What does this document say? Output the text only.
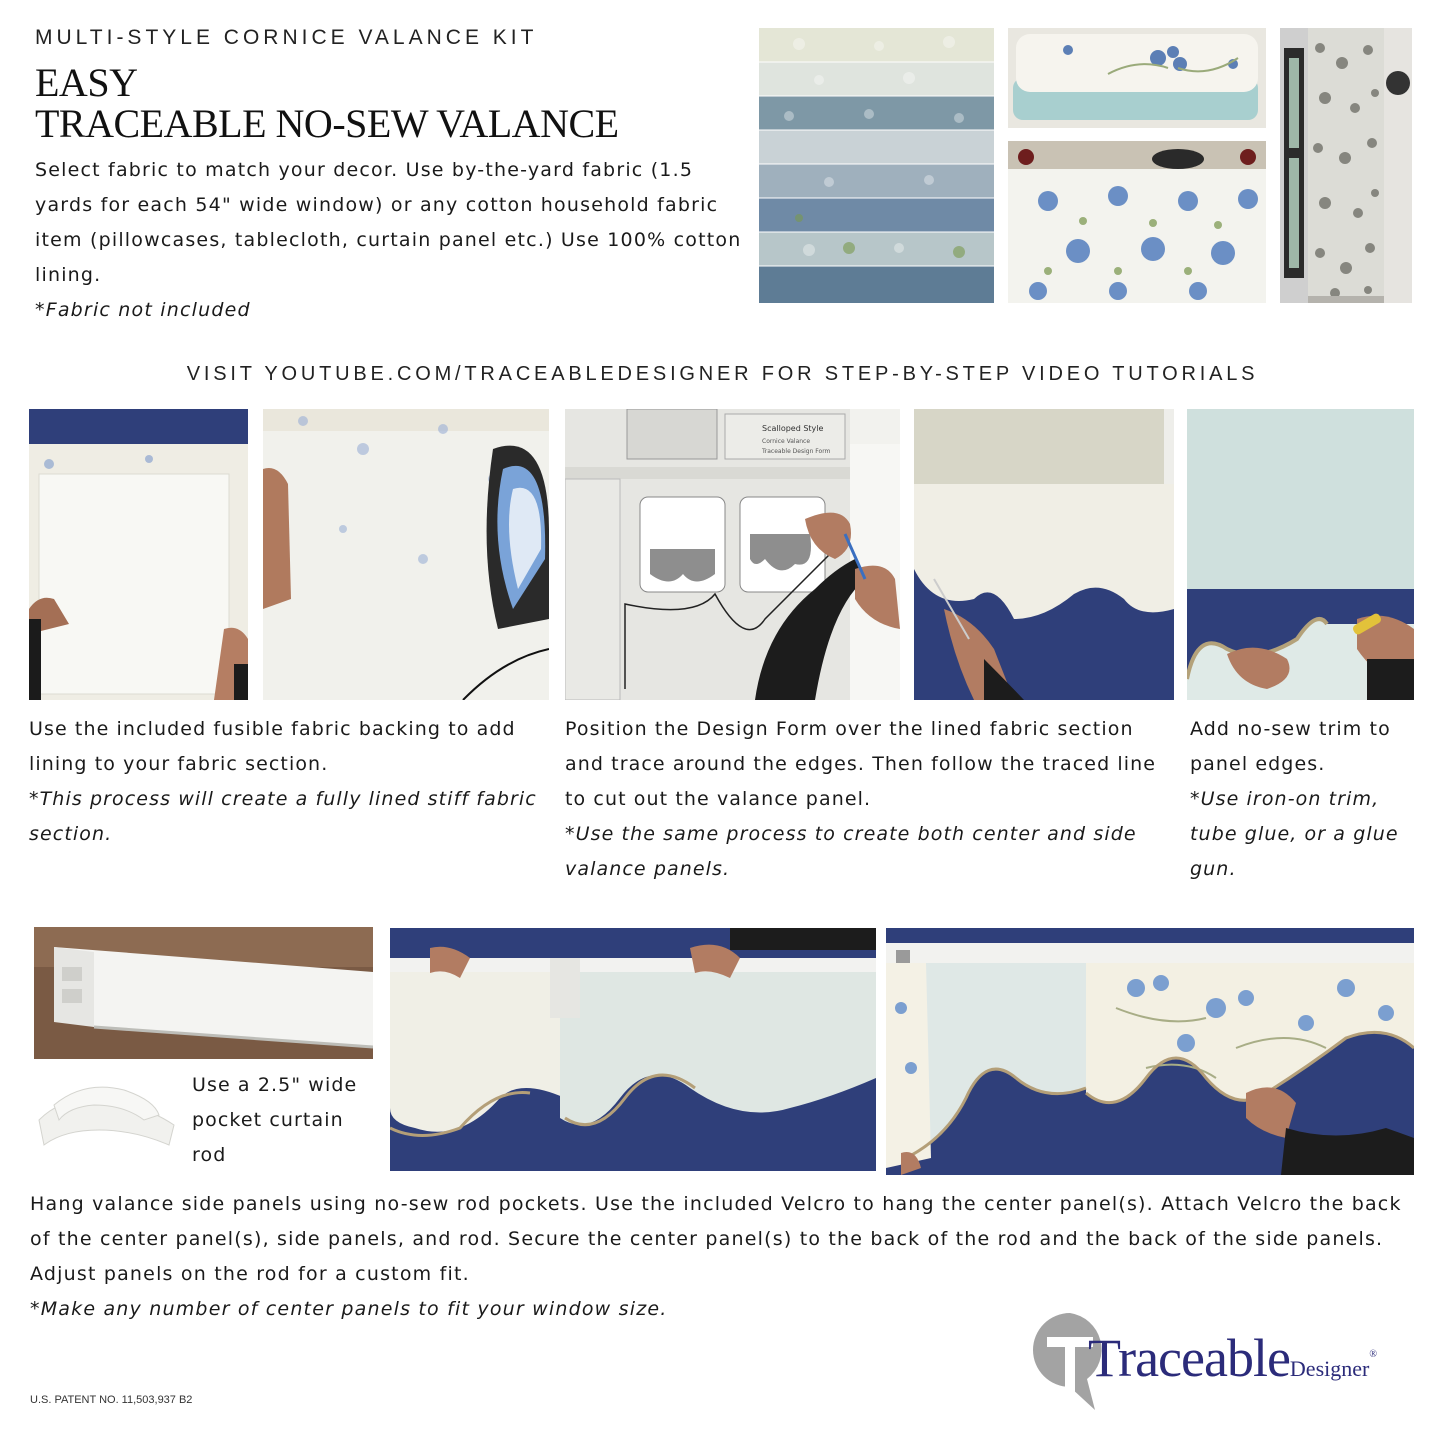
MULTI-STYLE CORNICE VALANCE KIT
EASY
TRACEABLE NO-SEW VALANCE
Select fabric to match your decor. Use by-the-yard fabric (1.5 yards for each 54" wide window) or any cotton household fabric item (pillowcases, tablecloth, curtain panel etc.) Use 100% cotton lining.
*Fabric not included
VISIT YOUTUBE.COM/TRACEABLEDESIGNER FOR STEP-BY-STEP VIDEO TUTORIALS
Scalloped Style
Cornice Valance
Traceable Design Form
Use the included fusible fabric backing to add lining to your fabric section.
*This process will create a fully lined stiff fabric section.
Position the Design Form over the lined fabric section and trace around the edges. Then follow the traced line to cut out the valance panel.
*Use the same process to create both center and side valance panels.
Add no-sew trim to panel edges.
*Use iron-on trim, tube glue, or a glue gun.
Use a 2.5" wide pocket curtain rod
Hang valance side panels using no-sew rod pockets. Use the included Velcro to hang the center panel(s). Attach Velcro the back of the center panel(s), side panels, and rod. Secure the center panel(s) to the back of the rod and the back of the side panels. Adjust panels on the rod for a custom fit.
*Make any number of center panels to fit your window size.
U.S. PATENT NO. 11,503,937 B2
TraceableDesigner®
